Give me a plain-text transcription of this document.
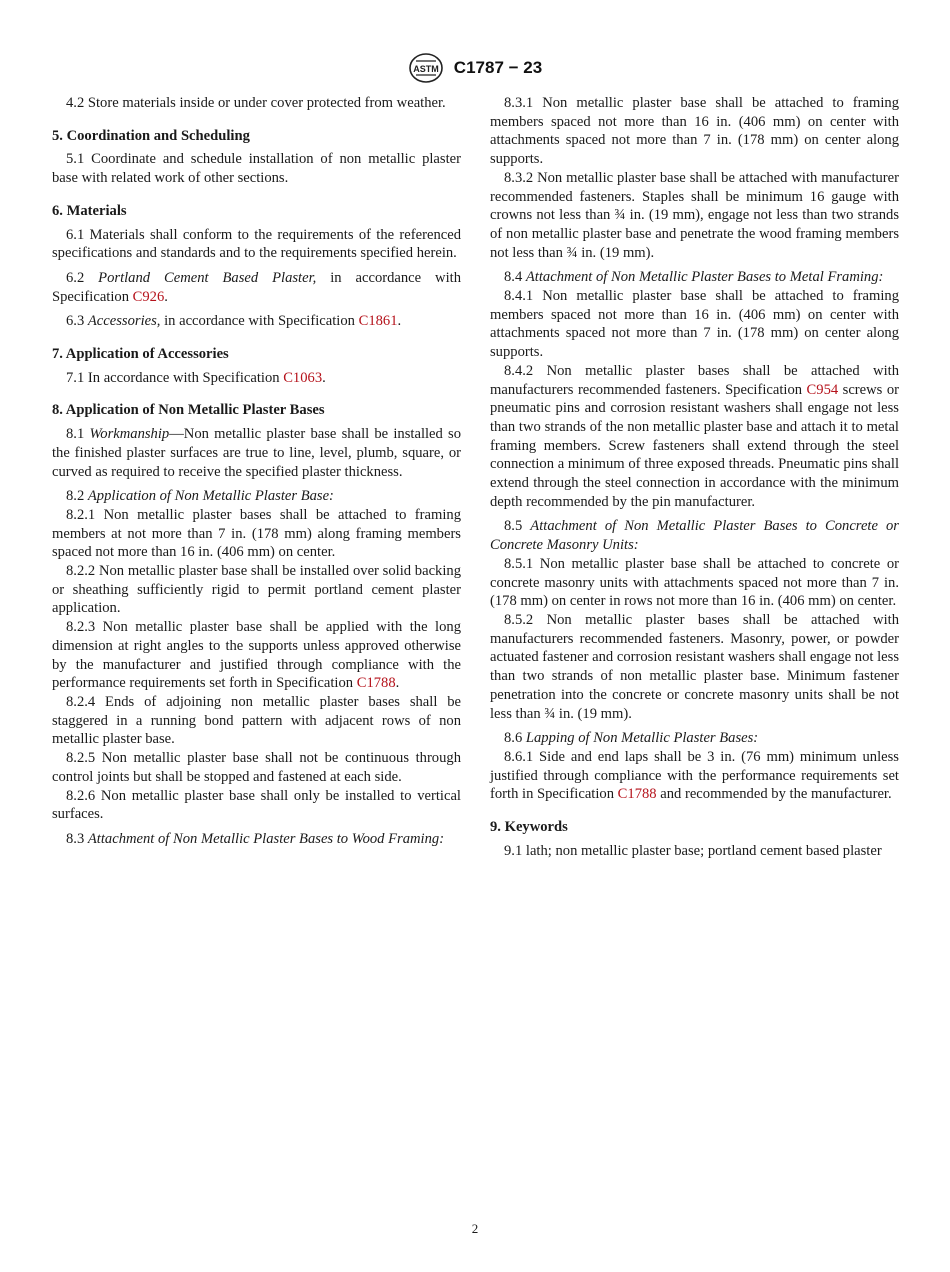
ASTM C1787 − 23

4.2 Store materials inside or under cover protected from weather.

5. Coordination and Scheduling

5.1 Coordinate and schedule installation of non metallic plaster base with related work of other sections.

6. Materials

6.1 Materials shall conform to the requirements of the referenced specifications and standards and to the requirements specified herein.

6.2 Portland Cement Based Plaster, in accordance with Specification C926.

6.3 Accessories, in accordance with Specification C1861.

7. Application of Accessories

7.1 In accordance with Specification C1063.

8. Application of Non Metallic Plaster Bases

8.1 Workmanship—Non metallic plaster base shall be installed so the finished plaster surfaces are true to line, level, plumb, square, or curved as required to receive the specified plaster thickness.

8.2 Application of Non Metallic Plaster Base:

8.2.1 Non metallic plaster bases shall be attached to framing members at not more than 7 in. (178 mm) along framing members spaced not more than 16 in. (406 mm) on center.

8.2.2 Non metallic plaster base shall be installed over solid backing or sheathing sufficiently rigid to permit portland cement plaster application.

8.2.3 Non metallic plaster base shall be applied with the long dimension at right angles to the supports unless approved otherwise by the manufacturer and justified through compliance with the performance requirements set forth in Specification C1788.

8.2.4 Ends of adjoining non metallic plaster bases shall be staggered in a running bond pattern with adjacent rows of non metallic plaster base.

8.2.5 Non metallic plaster base shall not be continuous through control joints but shall be stopped and fastened at each side.

8.2.6 Non metallic plaster base shall only be installed to vertical surfaces.

8.3 Attachment of Non Metallic Plaster Bases to Wood Framing:

8.3.1 Non metallic plaster base shall be attached to framing members spaced not more than 16 in. (406 mm) on center with attachments spaced not more than 7 in. (178 mm) on center along supports.

8.3.2 Non metallic plaster base shall be attached with manufacturer recommended fasteners. Staples shall be minimum 16 gauge with crowns not less than ¾ in. (19 mm), engage not less than two strands of non metallic plaster base and penetrate the wood framing members not less than ¾ in. (19 mm).

8.4 Attachment of Non Metallic Plaster Bases to Metal Framing:

8.4.1 Non metallic plaster base shall be attached to framing members spaced not more than 16 in. (406 mm) on center with attachments spaced not more than 7 in. (178 mm) on center along supports.

8.4.2 Non metallic plaster bases shall be attached with manufacturers recommended fasteners. Specification C954 screws or pneumatic pins and corrosion resistant washers shall engage not less than two strands of the non metallic plaster base and attach it to metal framing members. Screw fasteners shall extend through the steel connection a minimum of three exposed threads. Pneumatic pins shall extend through the steel connection in accordance with the minimum depth recommended by the pin manufacturer.

8.5 Attachment of Non Metallic Plaster Bases to Concrete or Concrete Masonry Units:

8.5.1 Non metallic plaster base shall be attached to concrete or concrete masonry units with attachments spaced not more than 7 in. (178 mm) on center in rows not more than 16 in. (406 mm) on center.

8.5.2 Non metallic plaster bases shall be attached with manufacturers recommended fasteners. Masonry, power, or powder actuated fastener and corrosion resistant washers shall engage not less than two strands of non metallic plaster base. Minimum fastener penetration into the concrete or concrete masonry units shall be not less than ¾ in. (19 mm).

8.6 Lapping of Non Metallic Plaster Bases:

8.6.1 Side and end laps shall be 3 in. (76 mm) minimum unless justified through compliance with the performance requirements set forth in Specification C1788 and recommended by the manufacturer.

9. Keywords

9.1 lath; non metallic plaster base; portland cement based plaster

2
